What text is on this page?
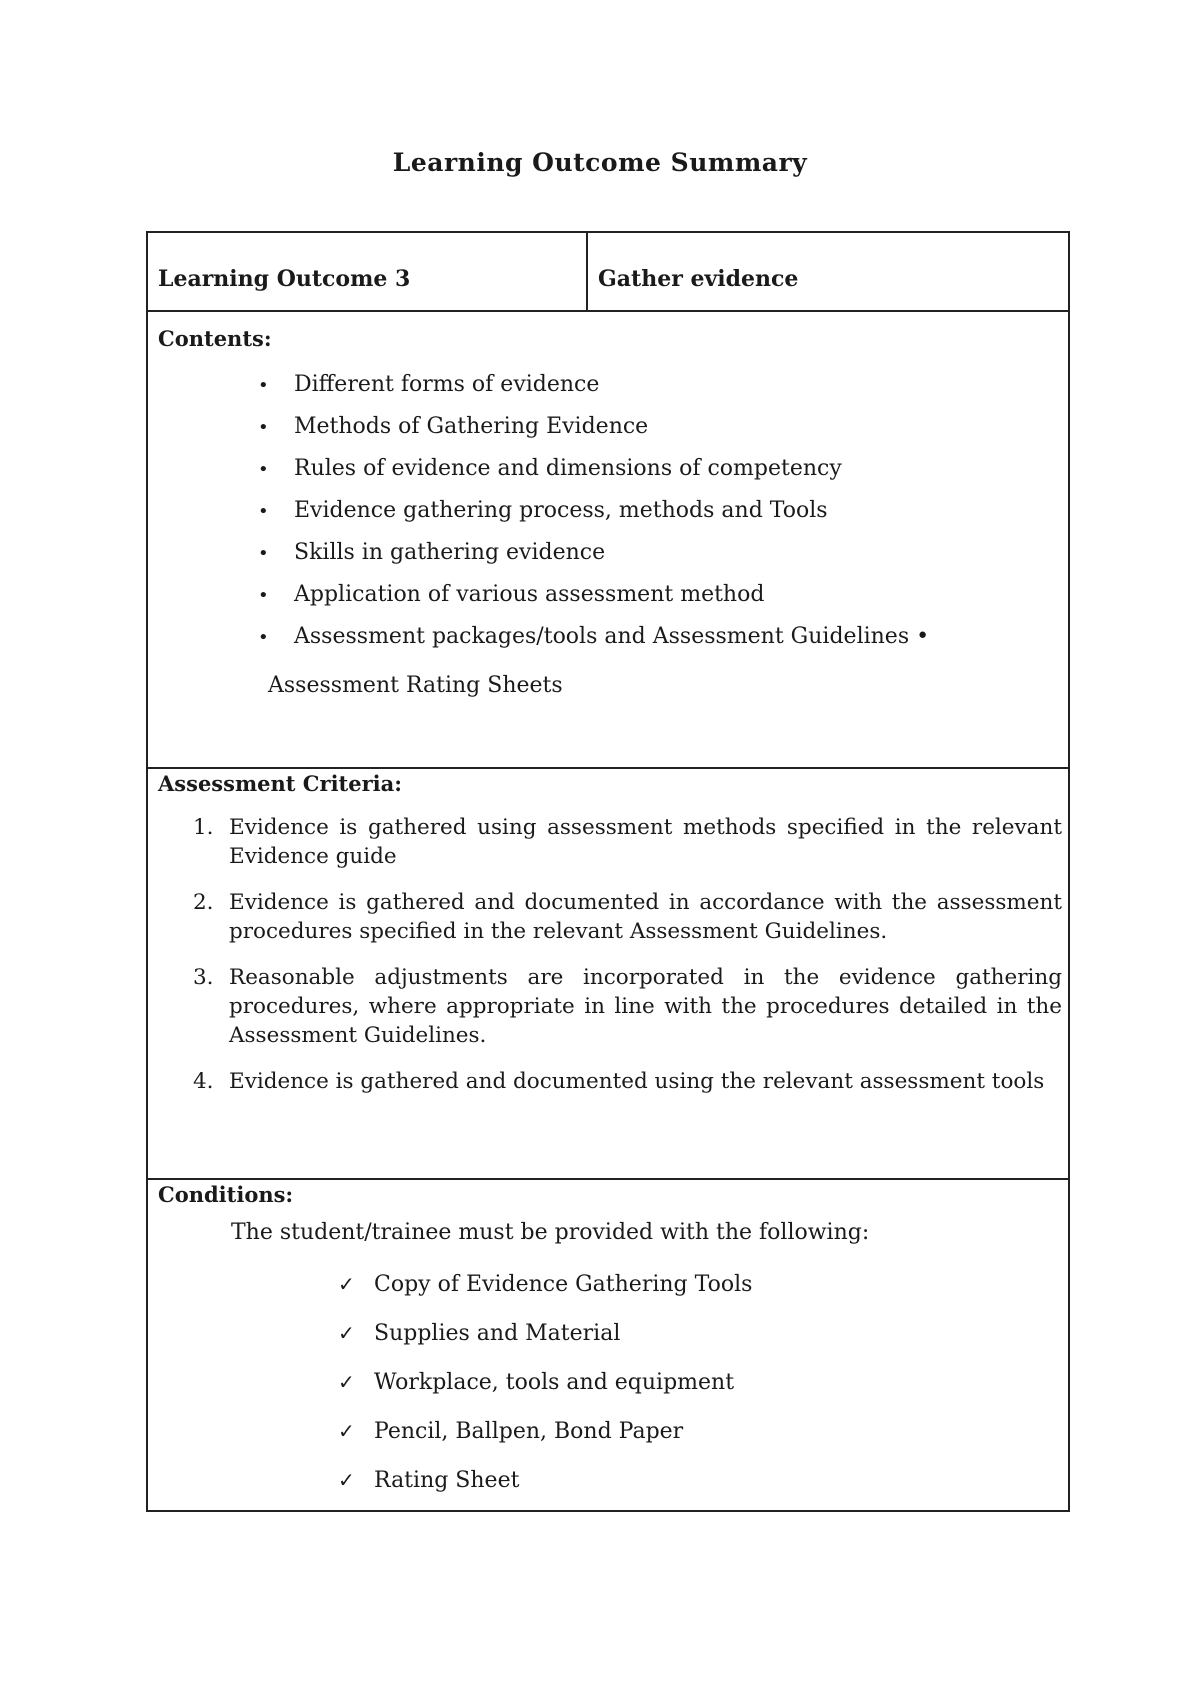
Learning Outcome Summary
Learning Outcome 3	Gather evidence
Contents:
• Different forms of evidence
• Methods of Gathering Evidence
• Rules of evidence and dimensions of competency
• Evidence gathering process, methods and Tools
• Skills in gathering evidence
• Application of various assessment method
• Assessment packages/tools and Assessment Guidelines •
Assessment Rating Sheets
Assessment Criteria:
1. Evidence is gathered using assessment methods specified in the relevant Evidence guide
2. Evidence is gathered and documented in accordance with the assessment procedures specified in the relevant Assessment Guidelines.
3. Reasonable adjustments are incorporated in the evidence gathering procedures, where appropriate in line with the procedures detailed in the Assessment Guidelines.
4. Evidence is gathered and documented using the relevant assessment tools
Conditions:
The student/trainee must be provided with the following:
✓ Copy of Evidence Gathering Tools
✓ Supplies and Material
✓ Workplace, tools and equipment
✓ Pencil, Ballpen, Bond Paper
✓ Rating Sheet
